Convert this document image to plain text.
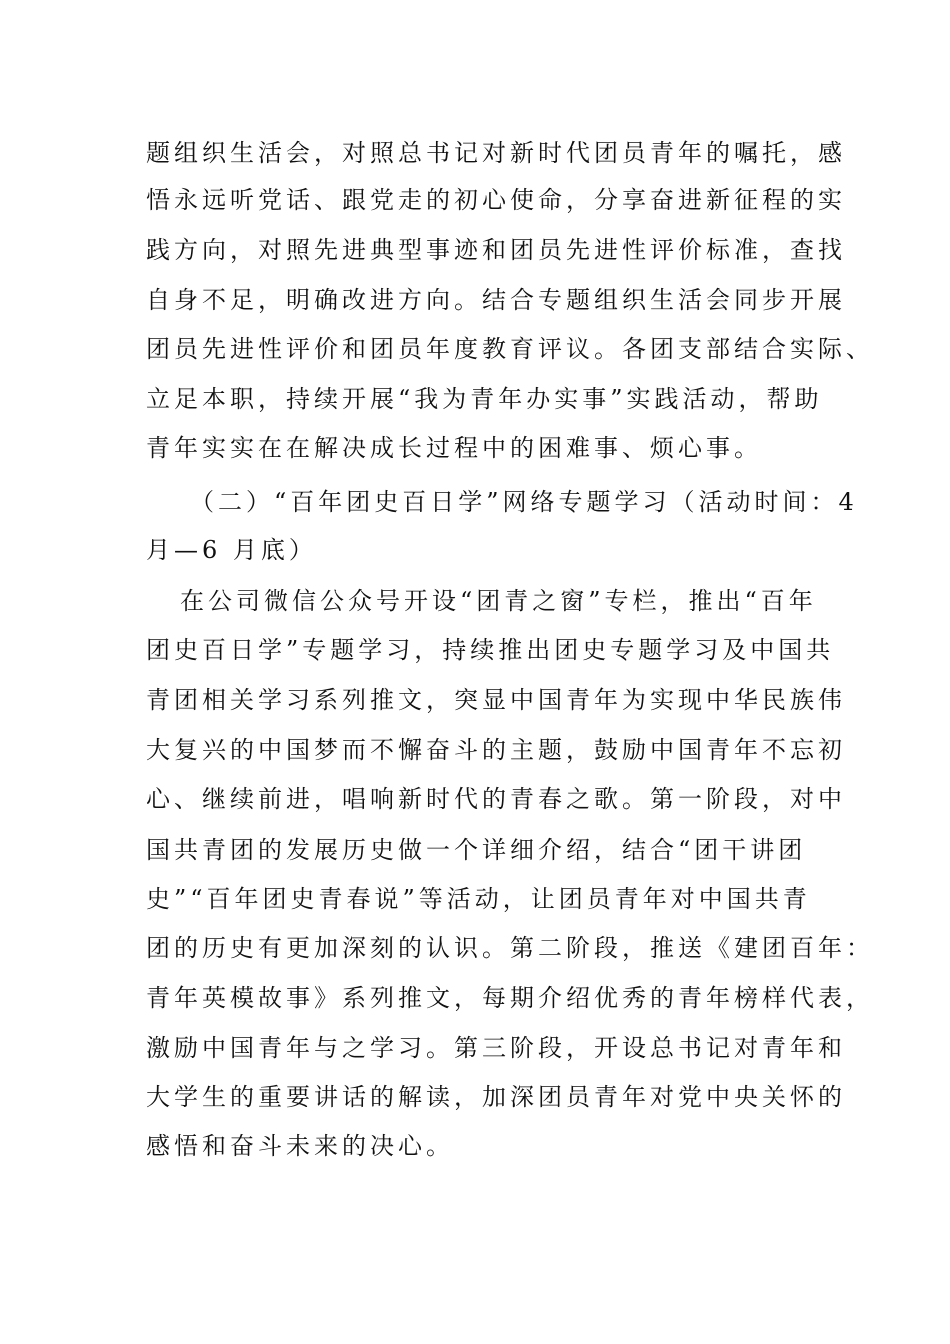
题组织生活会，对照总书记对新时代团员青年的嘱托，感
悟永远听党话、跟党走的初心使命，分享奋进新征程的实
践方向，对照先进典型事迹和团员先进性评价标准，查找
自身不足，明确改进方向。结合专题组织生活会同步开展
团员先进性评价和团员年度教育评议。各团支部结合实际、
立足本职，持续开展“我为青年办实事”实践活动，帮助
青年实实在在解决成长过程中的困难事、烦心事。
（二）“百年团史百日学”网络专题学习（活动时间：4
月—6 月底）
在公司微信公众号开设“团青之窗”专栏，推出“百年
团史百日学”专题学习，持续推出团史专题学习及中国共
青团相关学习系列推文，突显中国青年为实现中华民族伟
大复兴的中国梦而不懈奋斗的主题，鼓励中国青年不忘初
心、继续前进，唱响新时代的青春之歌。第一阶段，对中
国共青团的发展历史做一个详细介绍，结合“团干讲团
史”“百年团史青春说”等活动，让团员青年对中国共青
团的历史有更加深刻的认识。第二阶段，推送《建团百年：
青年英模故事》系列推文，每期介绍优秀的青年榜样代表，
激励中国青年与之学习。第三阶段，开设总书记对青年和
大学生的重要讲话的解读，加深团员青年对党中央关怀的
感悟和奋斗未来的决心。
